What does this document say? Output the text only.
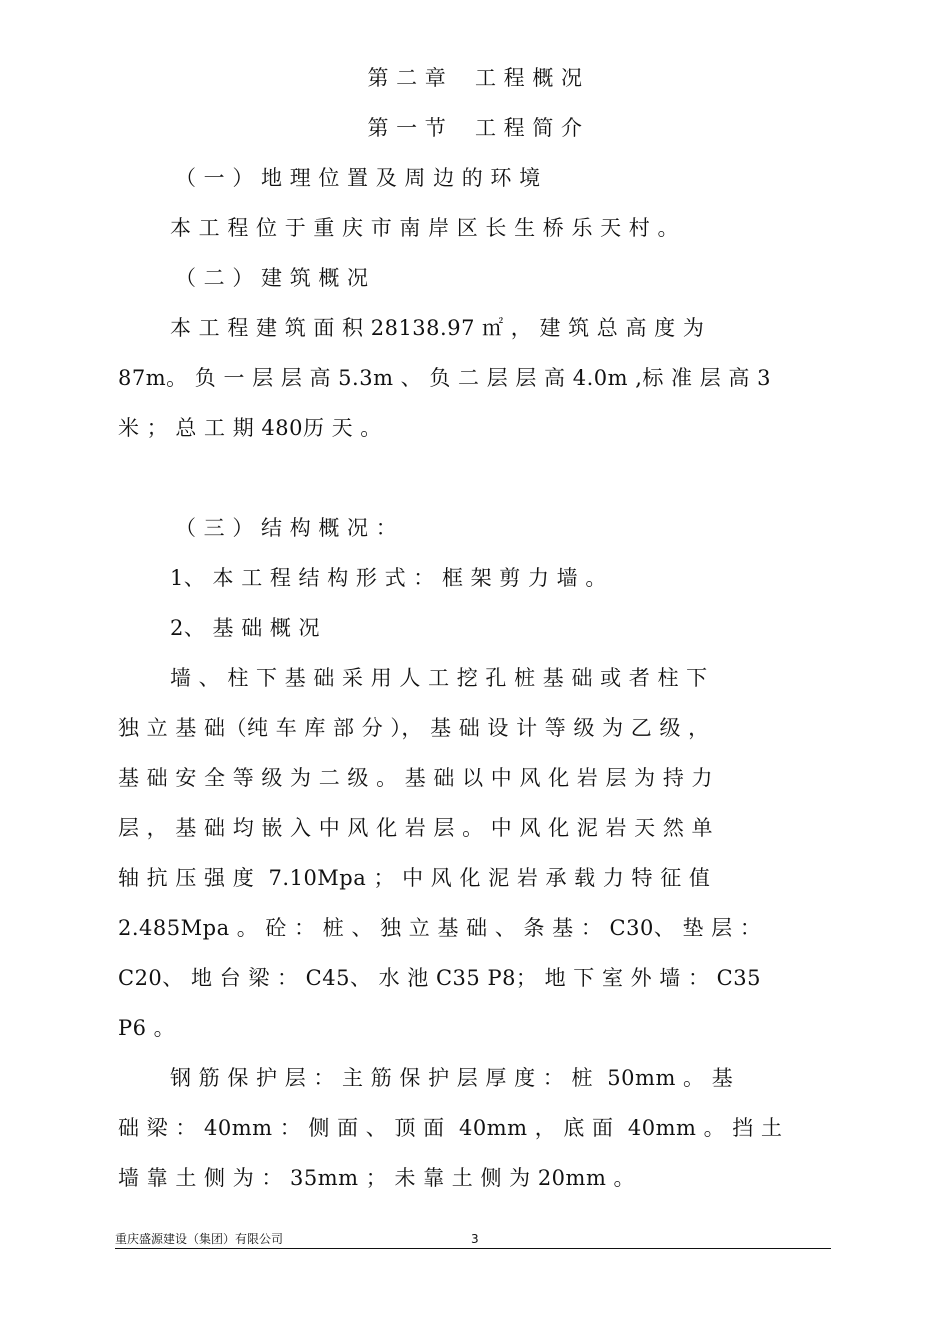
第 二 章    工 程 概 况
第 一 节    工 程 简 介
（ 一 ） 地 理 位 置 及 周 边 的 环 境
本 工 程 位 于 重 庆 市 南 岸 区 长 生 桥 乐 天 村 。
（ 二 ） 建 筑 概 况
本 工 程 建 筑 面 积 28138.97 ㎡ ， 建 筑 总 高 度 为
87m。 负 一 层 层 高 5.3m 、 负 二 层 层 高 4.0m ,标 准 层 高 3
米 ； 总 工 期 480历 天 。
（ 三 ） 结 构 概 况 ：
1、 本 工 程 结 构 形 式 ： 框 架 剪 力 墙 。
2、 基 础 概 况
墙 、 柱 下 基 础 采 用 人 工 挖 孔 桩 基 础 或 者 柱 下
独 立 基 础（纯 车 库 部 分 ）， 基 础 设 计 等 级 为 乙 级 ，
基 础 安 全 等 级 为 二 级 。 基 础 以 中 风 化 岩 层 为 持 力
层 ， 基 础 均 嵌 入 中 风 化 岩 层 。 中 风 化 泥 岩 天 然 单
轴 抗 压 强 度  7.10Mpa ； 中 风 化 泥 岩 承 载 力 特 征 值
2.485Mpa 。 砼 ： 桩 、 独 立 基 础 、 条 基 ： C30、 垫 层 ：
C20、 地 台 梁 ： C45、 水 池 C35 P8； 地 下 室 外 墙 ： C35
P6 。
钢 筋 保 护 层 ： 主 筋 保 护 层 厚 度 ： 桩  50mm 。 基
础 梁 ： 40mm ： 侧 面 、 顶 面  40mm ， 底 面  40mm 。 挡 土
墙 靠 土 侧 为 ： 35mm ； 未 靠 土 侧 为 20mm 。
重庆盛源建设（集团）有限公司	3
